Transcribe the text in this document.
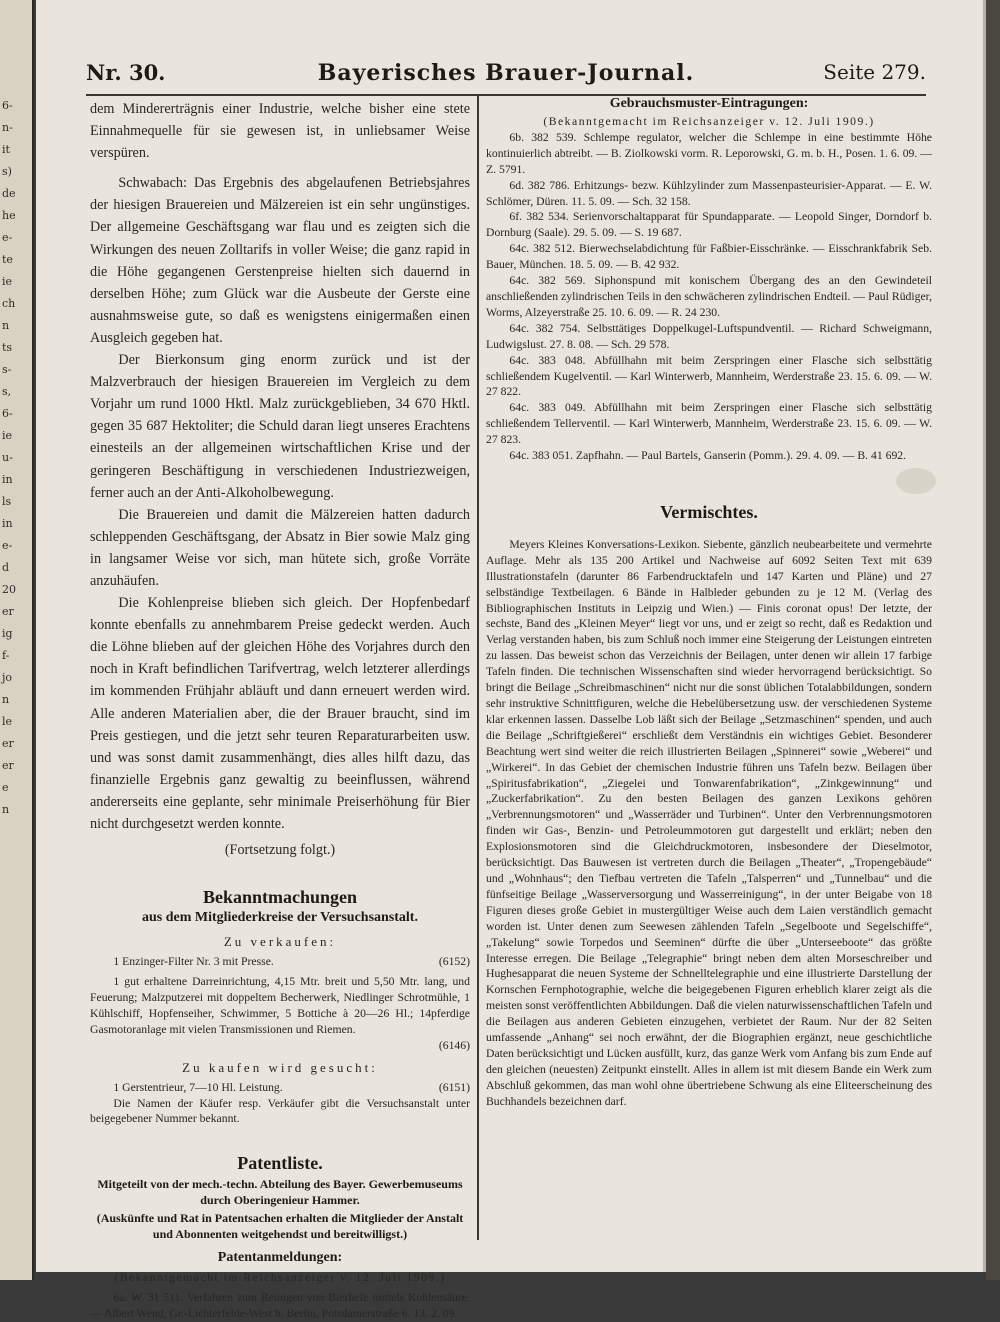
6-
n-
it
s)
de
he
e-
te
ie
ch
n
ts
s-
s,
6-
ie
u-
in
ls
in
e-
d
20
er
ig
f-
jo
n
le
er
er
e
n
Nr. 30.	Bayerisches Brauer-Journal.	Seite 279.

dem Mindererträgnis einer Industrie, welche bisher eine stete Einnahmequelle für sie gewesen ist, in unliebsamer Weise verspüren.

Schwabach: Das Ergebnis des abgelaufenen Betriebsjahres der hiesigen Brauereien und Mälzereien ist ein sehr ungünstiges. Der allgemeine Geschäftsgang war flau und es zeigten sich die Wirkungen des neuen Zolltarifs in voller Weise; die ganz rapid in die Höhe gegangenen Gerstenpreise hielten sich dauernd in derselben Höhe; zum Glück war die Ausbeute der Gerste eine ausnahmsweise gute, so daß es wenigstens einigermaßen einen Ausgleich gegeben hat.

Der Bierkonsum ging enorm zurück und ist der Malzverbrauch der hiesigen Brauereien im Vergleich zu dem Vorjahr um rund 1000 Hktl. Malz zurückgeblieben, 34 670 Hktl. gegen 35 687 Hektoliter; die Schuld daran liegt unseres Erachtens einesteils an der allgemeinen wirtschaftlichen Krise und der geringeren Beschäftigung in verschiedenen Industriezweigen, ferner auch an der Anti-Alkoholbewegung.

Die Brauereien und damit die Mälzereien hatten dadurch schleppenden Geschäftsgang, der Absatz in Bier sowie Malz ging in langsamer Weise vor sich, man hütete sich, große Vorräte anzuhäufen.

Die Kohlenpreise blieben sich gleich. Der Hopfenbedarf konnte ebenfalls zu annehmbarem Preise gedeckt werden. Auch die Löhne blieben auf der gleichen Höhe des Vorjahres durch den noch in Kraft befindlichen Tarifvertrag, welch letzterer allerdings im kommenden Frühjahr abläuft und dann erneuert werden wird. Alle anderen Materialien aber, die der Brauer braucht, sind im Preis gestiegen, und die jetzt sehr teuren Reparaturarbeiten usw. und was sonst damit zusammenhängt, dies alles hilft dazu, das finanzielle Ergebnis ganz gewaltig zu beeinflussen, während andererseits eine geplante, sehr minimale Preiserhöhung für Bier nicht durchgesetzt werden konnte.

(Fortsetzung folgt.)

Bekanntmachungen

aus dem Mitgliederkreise der Versuchsanstalt.

Zu verkaufen:

1 Enzinger-Filter Nr. 3 mit Presse.	(6152)

1 gut erhaltene Darreinrichtung, 4,15 Mtr. breit und 5,50 Mtr. lang, und Feuerung; Malzputzerei mit doppeltem Becherwerk, Niedlinger Schrotmühle, 1 Kühlschiff, Hopfenseiher, Schwimmer, 5 Bottiche à 20—26 Hl.; 14pferdige Gasmotoranlage mit vielen Transmissionen und Riemen.

(6146)

Zu kaufen wird gesucht:

1 Gerstentrieur, 7—10 Hl. Leistung.	(6151)

Die Namen der Käufer resp. Verkäufer gibt die Versuchsanstalt unter beigegebener Nummer bekannt.

Patentliste.

Mitgeteilt von der mech.-techn. Abteilung des Bayer. Gewerbemuseums durch Oberingenieur Hammer.

(Auskünfte und Rat in Patentsachen erhalten die Mitglieder der Anstalt und Abonnenten weitgehendst und bereitwilligst.)

Patentanmeldungen:

(Bekanntgemacht im Reichsanzeiger v. 12. Juli 1909.)

6a. W. 31 511. Verfahren zum Reinigen von Bierhefe mittels Kohlensäure. — Albert Wend, Gr.-Lichterfelde-West b. Berlin, Potsdamerstraße 6. 13. 2. 09.

Gebrauchsmuster-Eintragungen:

(Bekanntgemacht im Reichsanzeiger v. 12. Juli 1909.)

6b. 382 539. Schlempe regulator, welcher die Schlempe in eine bestimmte Höhe kontinuierlich abtreibt. — B. Ziolkowski vorm. R. Leporowski, G. m. b. H., Posen. 1. 6. 09. — Z. 5791.

6d. 382 786. Erhitzungs- bezw. Kühlzylinder zum Massenpasteurisier-Apparat. — E. W. Schlömer, Düren. 11. 5. 09. — Sch. 32 158.

6f. 382 534. Serienvorschaltapparat für Spundapparate. — Leopold Singer, Dorndorf b. Dornburg (Saale). 29. 5. 09. — S. 19 687.

64c. 382 512. Bierwechselabdichtung für Faßbier-Eisschränke. — Eisschrankfabrik Seb. Bauer, München. 18. 5. 09. — B. 42 932.

64c. 382 569. Siphonspund mit konischem Übergang des an den Gewindeteil anschließenden zylindrischen Teils in den schwächeren zylindrischen Endteil. — Paul Rüdiger, Worms, Alzeyerstraße 25. 10. 6. 09. — R. 24 230.

64c. 382 754. Selbsttätiges Doppelkugel-Luftspundventil. — Richard Schweigmann, Ludwigslust. 27. 8. 08. — Sch. 29 578.

64c. 383 048. Abfüllhahn mit beim Zerspringen einer Flasche sich selbsttätig schließendem Kugelventil. — Karl Winterwerb, Mannheim, Werderstraße 23. 15. 6. 09. — W. 27 822.

64c. 383 049. Abfüllhahn mit beim Zerspringen einer Flasche sich selbsttätig schließendem Tellerventil. — Karl Winterwerb, Mannheim, Werderstraße 23. 15. 6. 09. — W. 27 823.

64c. 383 051. Zapfhahn. — Paul Bartels, Ganserin (Pomm.). 29. 4. 09. — B. 41 692.

Vermischtes.

Meyers Kleines Konversations-Lexikon. Siebente, gänzlich neubearbeitete und vermehrte Auflage. Mehr als 135 200 Artikel und Nachweise auf 6092 Seiten Text mit 639 Illustrationstafeln (darunter 86 Farbendrucktafeln und 147 Karten und Pläne) und 27 selbständige Textbeilagen. 6 Bände in Halbleder gebunden zu je 12 M. (Verlag des Bibliographischen Instituts in Leipzig und Wien.) — Finis coronat opus! Der letzte, der sechste, Band des „Kleinen Meyer“ liegt vor uns, und er zeigt so recht, daß es Redaktion und Verlag verstanden haben, bis zum Schluß noch immer eine Steigerung der Leistungen eintreten zu lassen. Das beweist schon das Verzeichnis der Beilagen, unter denen wir allein 17 farbige Tafeln finden. Die technischen Wissenschaften sind wieder hervorragend berücksichtigt. So bringt die Beilage „Schreibmaschinen“ nicht nur die sonst üblichen Totalabbildungen, sondern sehr instruktive Schnittfiguren, welche die Hebelübersetzung usw. der verschiedenen Systeme klar erkennen lassen. Dasselbe Lob läßt sich der Beilage „Setzmaschinen“ spenden, und auch die Beilage „Schriftgießerei“ erschließt dem Verständnis ein wichtiges Gebiet. Besonderer Beachtung wert sind weiter die reich illustrierten Beilagen „Spinnerei“ sowie „Weberei“ und „Wirkerei“. In das Gebiet der chemischen Industrie führen uns Tafeln bezw. Beilagen über „Spiritusfabrikation“, „Ziegelei und Tonwarenfabrikation“, „Zinkgewinnung“ und „Zuckerfabrikation“. Zu den besten Beilagen des ganzen Lexikons gehören „Verbrennungsmotoren“ und „Wasserräder und Turbinen“. Unter den Verbrennungsmotoren finden wir Gas-, Benzin- und Petroleummotoren gut dargestellt und erklärt; neben den Explosionsmotoren sind die Gleichdruckmotoren, insbesondere der Dieselmotor, berücksichtigt. Das Bauwesen ist vertreten durch die Beilagen „Theater“, „Tropengebäude“ und „Wohnhaus“; den Tiefbau vertreten die Tafeln „Talsperren“ und „Tunnelbau“ und die fünfseitige Beilage „Wasserversorgung und Wasserreinigung“, in der unter Beigabe von 18 Figuren dieses große Gebiet in mustergültiger Weise auch dem Laien verständlich gemacht worden ist. Unter denen zum Seewesen zählenden Tafeln „Segelboote und Segelschiffe“, „Takelung“ sowie Torpedos und Seeminen“ dürfte die über „Unterseeboote“ das größte Interesse erregen. Die Beilage „Telegraphie“ bringt neben dem alten Morseschreiber und Hughesapparat die neuen Systeme der Schnelltelegraphie und eine illustrierte Darstellung der Kornschen Fernphotographie, welche die beigegebenen Figuren erheblich klarer zeigt als die meisten sonst veröffentlichten Abbildungen. Daß die vielen naturwissenschaftlichen Tafeln und die Beilagen aus anderen Gebieten einzugehen, verbietet der Raum. Nur der 82 Seiten umfassende „Anhang“ sei noch erwähnt, der die Biographien ergänzt, neue geschichtliche Daten berücksichtigt und Lücken ausfüllt, kurz, das ganze Werk vom Anfang bis zum Ende auf den gleichen (neuesten) Zeitpunkt einstellt. Alles in allem ist mit diesem Bande ein Werk zum Abschluß gekommen, das man wohl ohne übertriebene Schwung als eine Eliteerscheinung des Buchhandels bezeichnen darf.
